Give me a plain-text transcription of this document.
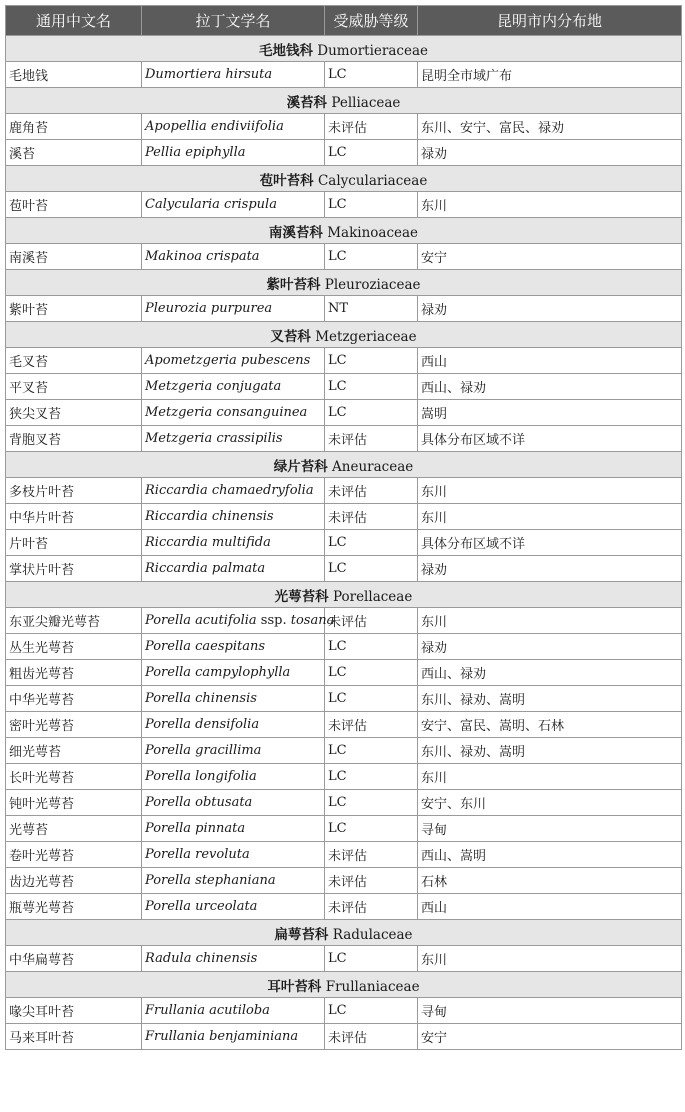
通用中文名	拉丁文学名	受威胁等级	昆明市内分布地
毛地钱科 Dumortieraceae			
毛地钱	Dumortiera hirsuta	LC	昆明全市域广布
溪苔科 Pelliaceae			
鹿角苔	Apopellia endiviifolia	未评估	东川、安宁、富民、禄劝
溪苔	Pellia epiphylla	LC	禄劝
苞叶苔科 Calyculariaceae			
苞叶苔	Calycularia crispula	LC	东川
南溪苔科 Makinoaceae			
南溪苔	Makinoa crispata	LC	安宁
紫叶苔科 Pleuroziaceae			
紫叶苔	Pleurozia purpurea	NT	禄劝
叉苔科 Metzgeriaceae			
毛叉苔	Apometzgeria pubescens	LC	西山
平叉苔	Metzgeria conjugata	LC	西山、禄劝
狭尖叉苔	Metzgeria consanguinea	LC	嵩明
背胞叉苔	Metzgeria crassipilis	未评估	具体分布区域不详
绿片苔科 Aneuraceae			
多枝片叶苔	Riccardia chamaedryfolia	未评估	东川
中华片叶苔	Riccardia chinensis	未评估	东川
片叶苔	Riccardia multifida	LC	具体分布区域不详
掌状片叶苔	Riccardia palmata	LC	禄劝
光萼苔科 Porellaceae			
东亚尖瓣光萼苔	Porella acutifolia ssp. tosana	未评估	东川
丛生光萼苔	Porella caespitans	LC	禄劝
粗齿光萼苔	Porella campylophylla	LC	西山、禄劝
中华光萼苔	Porella chinensis	LC	东川、禄劝、嵩明
密叶光萼苔	Porella densifolia	未评估	安宁、富民、嵩明、石林
细光萼苔	Porella gracillima	LC	东川、禄劝、嵩明
长叶光萼苔	Porella longifolia	LC	东川
钝叶光萼苔	Porella obtusata	LC	安宁、东川
光萼苔	Porella pinnata	LC	寻甸
卷叶光萼苔	Porella revoluta	未评估	西山、嵩明
齿边光萼苔	Porella stephaniana	未评估	石林
瓶萼光萼苔	Porella urceolata	未评估	西山
扁萼苔科 Radulaceae			
中华扁萼苔	Radula chinensis	LC	东川
耳叶苔科 Frullaniaceae			
喙尖耳叶苔	Frullania acutiloba	LC	寻甸
马来耳叶苔	Frullania benjaminiana	未评估	安宁
